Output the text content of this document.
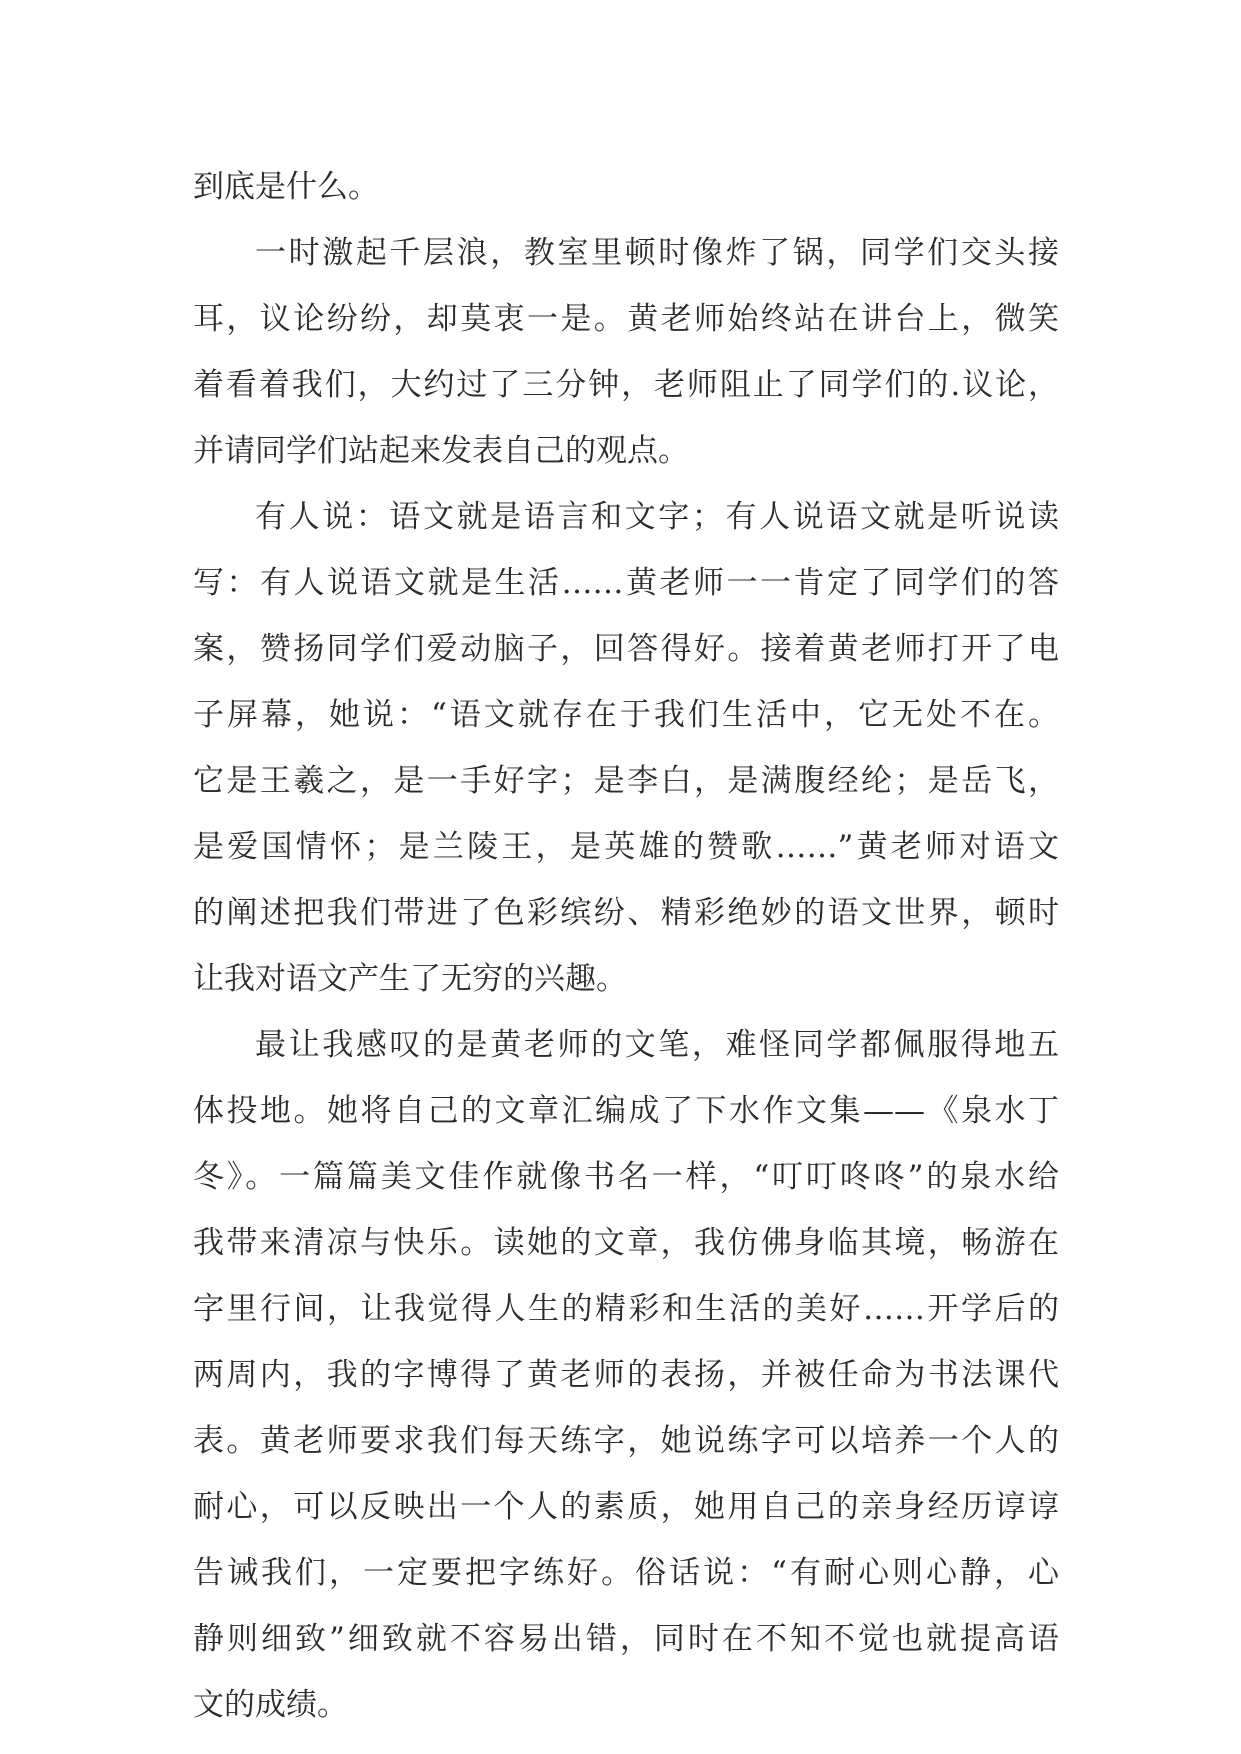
到底是什么。
一时激起千层浪，教室里顿时像炸了锅，同学们交头接
耳，议论纷纷，却莫衷一是。黄老师始终站在讲台上，微笑
着看着我们，大约过了三分钟，老师阻止了同学们的.议论，
并请同学们站起来发表自己的观点。
有人说：语文就是语言和文字；有人说语文就是听说读
写：有人说语文就是生活……黄老师一一肯定了同学们的答
案，赞扬同学们爱动脑子，回答得好。接着黄老师打开了电
子屏幕，她说：“语文就存在于我们生活中，它无处不在。
它是王羲之，是一手好字；是李白，是满腹经纶；是岳飞，
是爱国情怀；是兰陵王，是英雄的赞歌……”黄老师对语文
的阐述把我们带进了色彩缤纷、精彩绝妙的语文世界，顿时
让我对语文产生了无穷的兴趣。
最让我感叹的是黄老师的文笔，难怪同学都佩服得地五
体投地。她将自己的文章汇编成了下水作文集——《泉水丁
冬》。一篇篇美文佳作就像书名一样，“叮叮咚咚”的泉水给
我带来清凉与快乐。读她的文章，我仿佛身临其境，畅游在
字里行间，让我觉得人生的精彩和生活的美好……开学后的
两周内，我的字博得了黄老师的表扬，并被任命为书法课代
表。黄老师要求我们每天练字，她说练字可以培养一个人的
耐心，可以反映出一个人的素质，她用自己的亲身经历谆谆
告诫我们，一定要把字练好。俗话说：“有耐心则心静，心
静则细致”细致就不容易出错，同时在不知不觉也就提高语
文的成绩。
